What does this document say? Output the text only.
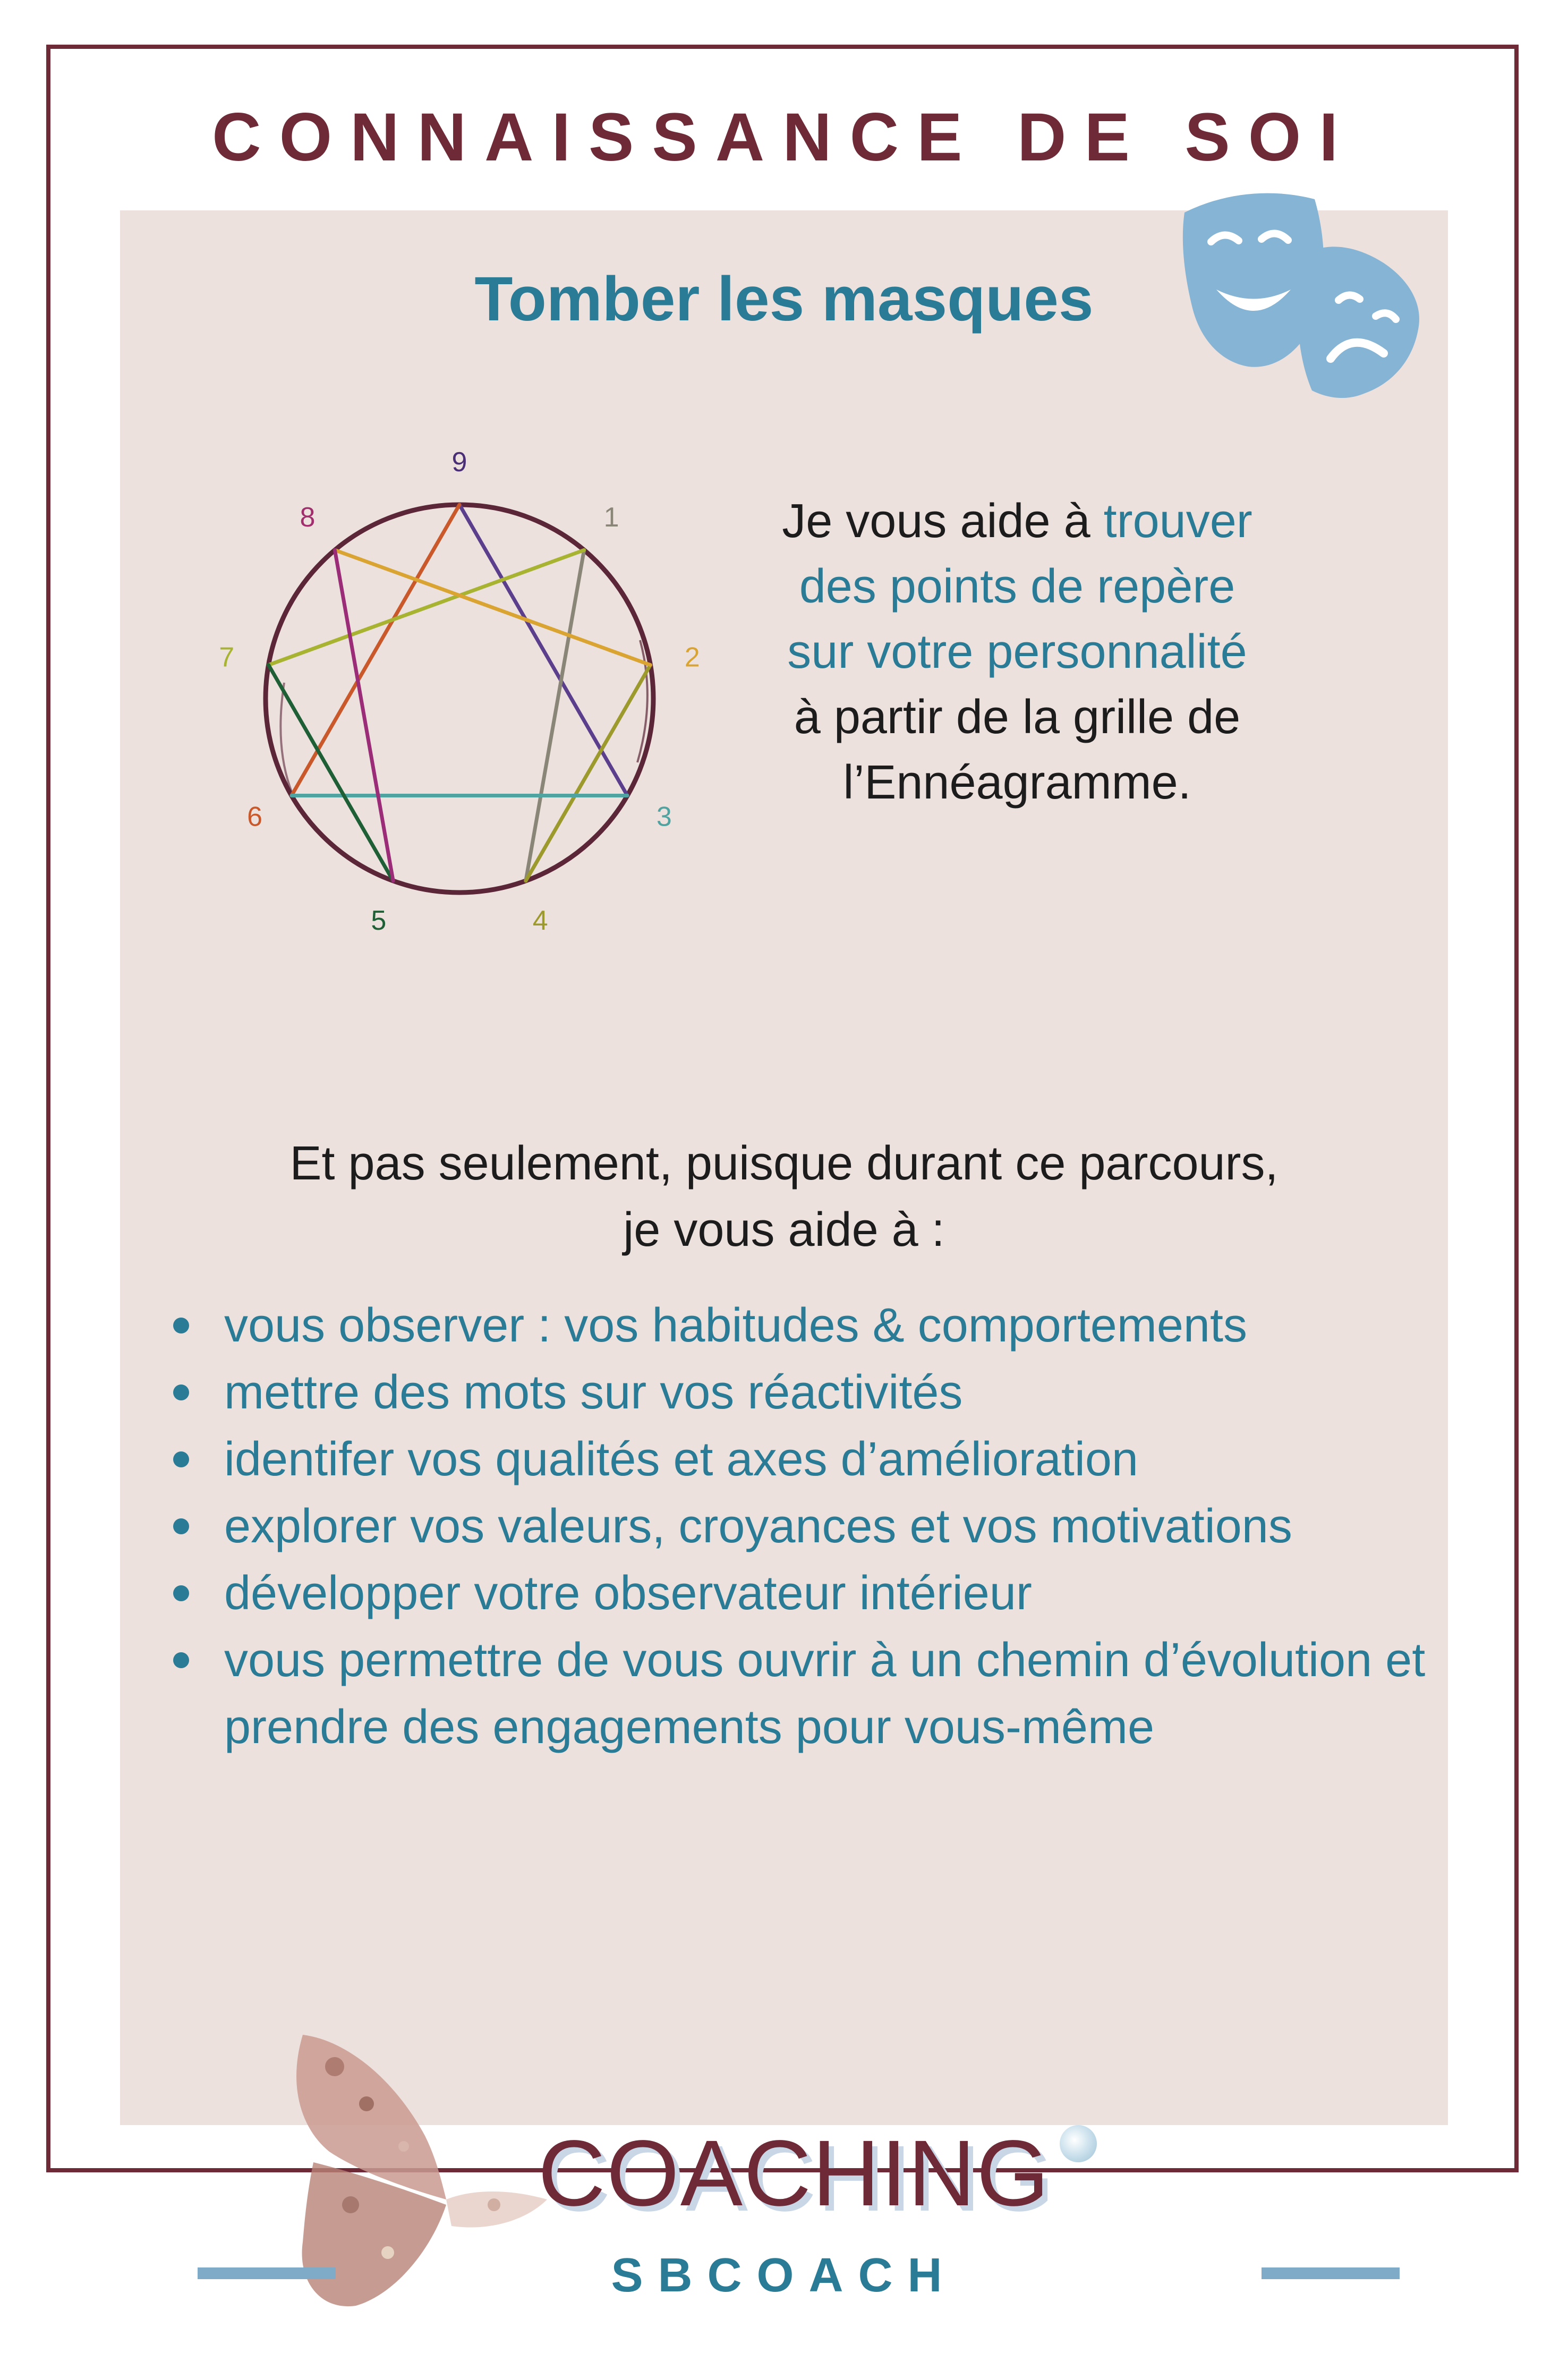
CONNAISSANCE DE SOI
Tomber les masques
1
2
3
4
5
6
7
8
9
Je vous aide à trouver
des points de repère
sur votre personnalité
à partir de la grille de
l’Ennéagramme.
Et pas seulement, puisque durant ce parcours,
je vous aide à :
vous observer : vos habitudes & comportements
mettre des mots sur vos réactivités
identifer vos qualités et axes d’amélioration
explorer vos valeurs, croyances et vos motivations
développer votre observateur intérieur
vous permettre de vous ouvrir à un chemin d’évolution et prendre des engagements pour vous-même
COACHING
SBCOACH
